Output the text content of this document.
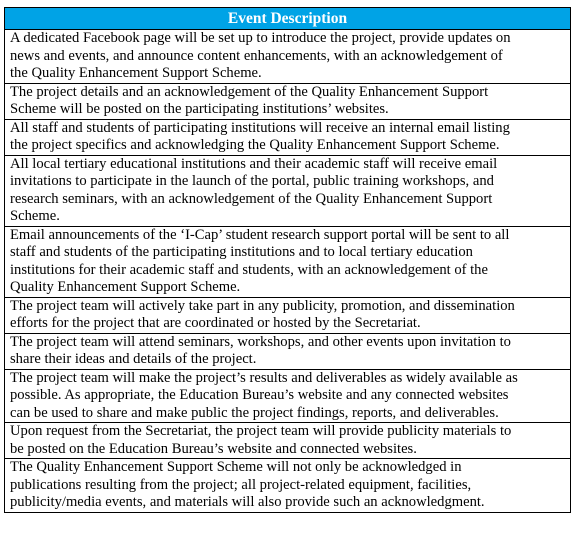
Event Description
A dedicated Facebook page will be set up to introduce the project, provide updates on
news and events, and announce content enhancements, with an acknowledgement of
the Quality Enhancement Support Scheme.
The project details and an acknowledgement of the Quality Enhancement Support
Scheme will be posted on the participating institutions’ websites.
All staff and students of participating institutions will receive an internal email listing
the project specifics and acknowledging the Quality Enhancement Support Scheme.
All local tertiary educational institutions and their academic staff will receive email
invitations to participate in the launch of the portal, public training workshops, and
research seminars, with an acknowledgement of the Quality Enhancement Support
Scheme.
Email announcements of the ‘I-Cap’ student research support portal will be sent to all
staff and students of the participating institutions and to local tertiary education
institutions for their academic staff and students, with an acknowledgement of the
Quality Enhancement Support Scheme.
The project team will actively take part in any publicity, promotion, and dissemination
efforts for the project that are coordinated or hosted by the Secretariat.
The project team will attend seminars, workshops, and other events upon invitation to
share their ideas and details of the project.
The project team will make the project’s results and deliverables as widely available as
possible. As appropriate, the Education Bureau’s website and any connected websites
can be used to share and make public the project findings, reports, and deliverables.
Upon request from the Secretariat, the project team will provide publicity materials to
be posted on the Education Bureau’s website and connected websites.
The Quality Enhancement Support Scheme will not only be acknowledged in
publications resulting from the project; all project-related equipment, facilities,
publicity/media events, and materials will also provide such an acknowledgment.
